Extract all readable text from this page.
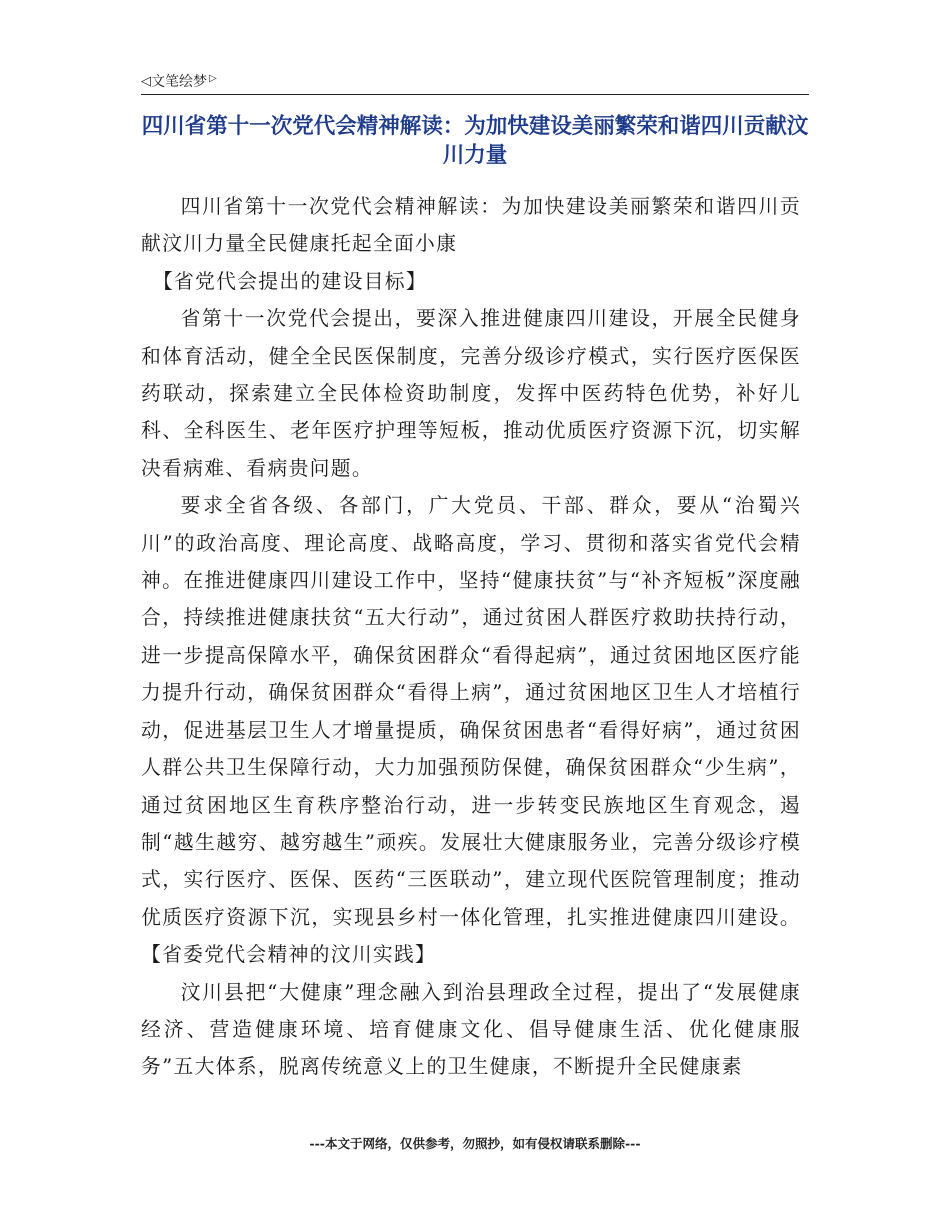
◁ 文笔绘梦 ▷
四川省第十一次党代会精神解读：为加快建设美丽繁荣和谐四川贡献汶川力量

四川省第十一次党代会精神解读：为加快建设美丽繁荣和谐四川贡献汶川力量全民健康托起全面小康

【省党代会提出的建设目标】

省第十一次党代会提出，要深入推进健康四川建设，开展全民健身和体育活动，健全全民医保制度，完善分级诊疗模式，实行医疗医保医药联动，探索建立全民体检资助制度，发挥中医药特色优势，补好儿科、全科医生、老年医疗护理等短板，推动优质医疗资源下沉，切实解决看病难、看病贵问题。

要求全省各级、各部门，广大党员、干部、群众，要从“治蜀兴川”的政治高度、理论高度、战略高度，学习、贯彻和落实省党代会精神。在推进健康四川建设工作中，坚持“健康扶贫”与“补齐短板”深度融合，持续推进健康扶贫“五大行动”，通过贫困人群医疗救助扶持行动，进一步提高保障水平，确保贫困群众“看得起病”，通过贫困地区医疗能力提升行动，确保贫困群众“看得上病”，通过贫困地区卫生人才培植行动，促进基层卫生人才增量提质，确保贫困患者“看得好病”，通过贫困人群公共卫生保障行动，大力加强预防保健，确保贫困群众“少生病”，通过贫困地区生育秩序整治行动，进一步转变民族地区生育观念，遏制“越生越穷、越穷越生”顽疾。发展壮大健康服务业，完善分级诊疗模式，实行医疗、医保、医药“三医联动”，建立现代医院管理制度；推动优质医疗资源下沉，实现县乡村一体化管理，扎实推进健康四川建设。【省委党代会精神的汶川实践】

汶川县把“大健康”理念融入到治县理政全过程，提出了“发展健康经济、营造健康环境、培育健康文化、倡导健康生活、优化健康服务”五大体系，脱离传统意义上的卫生健康，不断提升全民健康素

---本文于网络，仅供参考，勿照抄，如有侵权请联系删除---
